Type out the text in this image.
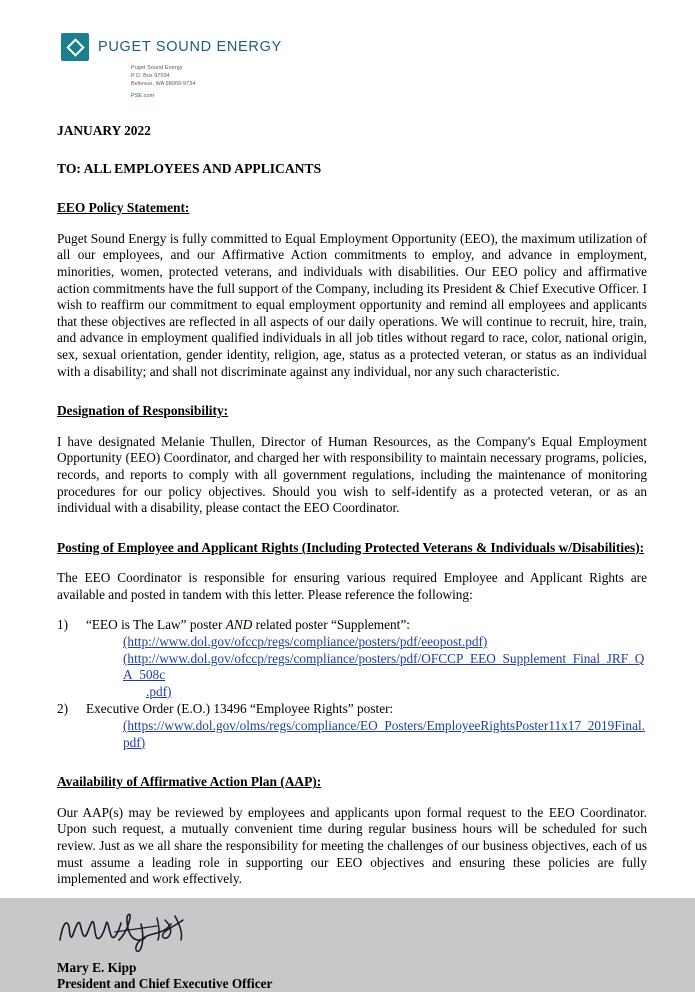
PUGET SOUND ENERGY
Puget Sound Energy
P.O. Box 97034
Bellevue, WA 98009-9734
PSE.com
JANUARY 2022
TO: ALL EMPLOYEES AND APPLICANTS
EEO Policy Statement:

Puget Sound Energy is fully committed to Equal Employment Opportunity (EEO), the maximum utilization of all our employees, and our Affirmative Action commitments to employ, and advance in employment, minorities, women, protected veterans, and individuals with disabilities. Our EEO policy and affirmative action commitments have the full support of the Company, including its President & Chief Executive Officer. I wish to reaffirm our commitment to equal employment opportunity and remind all employees and applicants that these objectives are reflected in all aspects of our daily operations. We will continue to recruit, hire, train, and advance in employment qualified individuals in all job titles without regard to race, color, national origin, sex, sexual orientation, gender identity, religion, age, status as a protected veteran, or status as an individual with a disability; and shall not discriminate against any individual, nor any such characteristic.

Designation of Responsibility:

I have designated Melanie Thullen, Director of Human Resources, as the Company's Equal Employment Opportunity (EEO) Coordinator, and charged her with responsibility to maintain necessary programs, policies, records, and reports to comply with all government regulations, including the maintenance of monitoring procedures for our policy objectives. Should you wish to self-identify as a protected veteran, or as an individual with a disability, please contact the EEO Coordinator.

Posting of Employee and Applicant Rights (Including Protected Veterans & Individuals w/Disabilities):

The EEO Coordinator is responsible for ensuring various required Employee and Applicant Rights are available and posted in tandem with this letter. Please reference the following:

1)	“EEO is The Law” poster AND related poster “Supplement”:
(http://www.dol.gov/ofccp/regs/compliance/posters/pdf/eeopost.pdf)
(http://www.dol.gov/ofccp/regs/compliance/posters/pdf/OFCCP_EEO_Supplement_Final_JRF_QA_508c
.pdf)
2)	Executive Order (E.O.) 13496 “Employee Rights” poster:
(https://www.dol.gov/olms/regs/compliance/EO_Posters/EmployeeRightsPoster11x17_2019Final.pdf)
Availability of Affirmative Action Plan (AAP):

Our AAP(s) may be reviewed by employees and applicants upon formal request to the EEO Coordinator. Upon such request, a mutually convenient time during regular business hours will be scheduled for such review. Just as we all share the responsibility for meeting the challenges of our business objectives, each of us must assume a leading role in supporting our EEO objectives and ensuring these policies are fully implemented and work effectively.

Mary E. Kipp
President and Chief Executive Officer
